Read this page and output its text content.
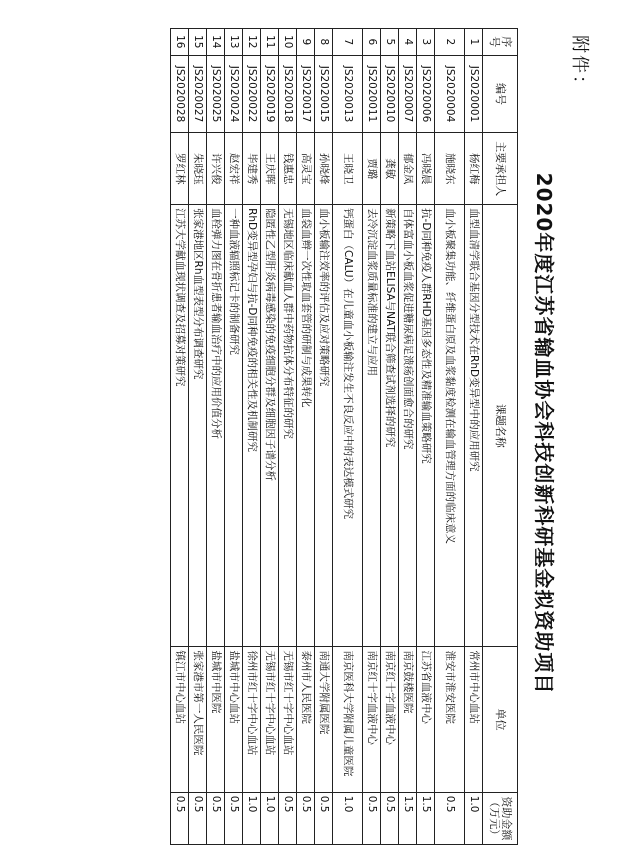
附件：
2020年度江苏省输血协会科技创新科研基金拟资助项目
序号	编号	主要承担人	课题名称	单位	资助金额（万元）
1	JS2020001	杨红梅	血型血清学联合基因分型技术在RhD变异型中的应用研究	常州市中心血站	1.0
2	JS2020004	施晓东	血小板聚集功能、纤维蛋白原及血浆黏度检测在输血管理方面的临床意义	淮安市淮安医院	0.5
3	JS2020006	冯晓晨	抗-D同种免疫人群RHD基因多态性及精准输血策略研究	江苏省血液中心	1.5
4	JS2020007	郁金凤	自体富血小板血浆促进糖尿病足溃疡创面愈合的研究	南京鼓楼医院	1.5
5	JS2020010	龚敏	新策略下血站ELISA与NAT联合筛查试剂选择的研究	南京红十字血液中心	0.5
6	JS2020011	贾璐	去冷沉淀血浆质量标准的建立与应用	南京红十字血液中心	0.5
7	JS2020013	王晓卫	钙蛋白（CALU）在儿童血小板输注发生不良反应中的表达模式研究	南京医科大学附属儿童医院	1.0
8	JS2020015	孙晓烽	血小板输注效率的评估及应对策略研究	南通大学附属医院	0.5
9	JS2020017	高灵宝	血袋血辫一次性取血套管的研制与成果转化	泰州市人民医院	0.5
10	JS2020018	钱惠忠	无锡地区临床献血人群中药物抗体分布特征的研究	无锡市红十字中心血站	0.5
11	JS2020019	王庆晖	隐匿性乙型肝炎病毒感染的免疫细胞分群及细胞因子谱分析	无锡市红十字中心血站	1.0
12	JS2020022	毕建秀	RhD变异型孕妇与抗-D同种免疫的相关性及机制研究	徐州市红十字中心血站	1.0
13	JS2020024	赵宏祥	一种血液辐照标记卡的制备研究	盐城市中心血站	0.5
14	JS2020025	许兴俊	血栓弹力图在骨折患者输血治疗中的应用价值分析	盐城市中医院	0.5
15	JS2020027	朱晓珏	张家港地区Rh血型表型分布调查研究	张家港市第一人民医院	0.5
16	JS2020028	罗红林	江苏大学献血现状调查及招募对策研究	镇江市中心血站	0.5
